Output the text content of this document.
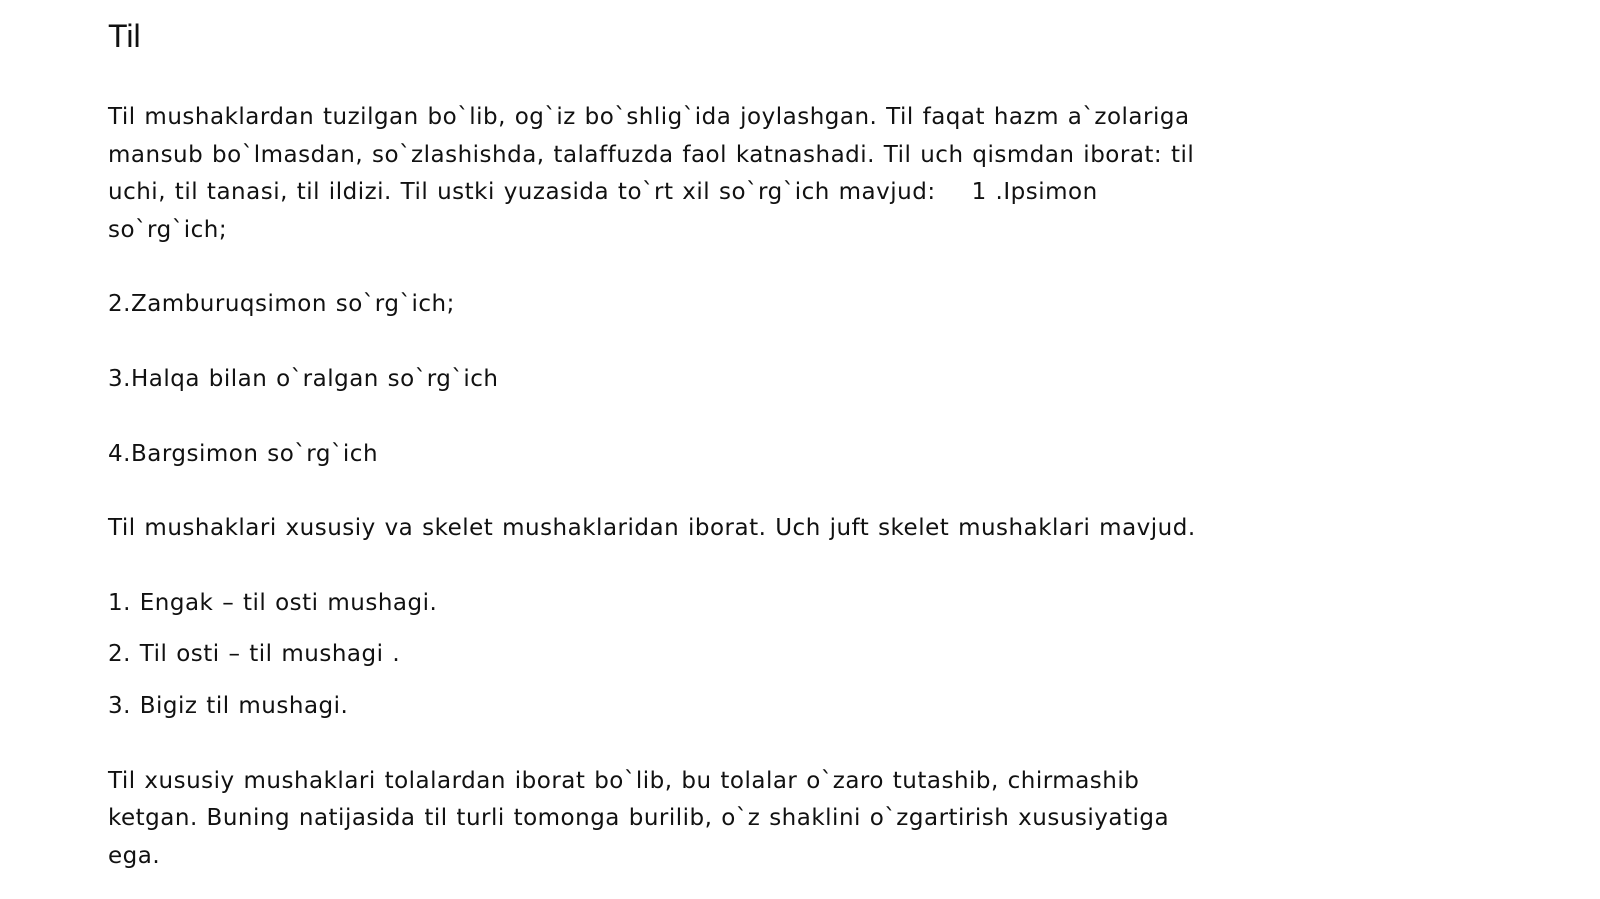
Til

Til mushaklardan tuzilgan bo`lib, og`iz bo`shlig`ida joylashgan. Til faqat hazm a`zolariga
mansub bo`lmasdan, so`zlashishda, talaffuzda faol katnashadi. Til uch qismdan iborat: til
uchi, til tanasi, til ildizi. Til ustki yuzasida to`rt xil so`rg`ich mavjud: 1 .Ipsimon
so`rg`ich;

2.Zamburuqsimon so`rg`ich;

3.Halqa bilan o`ralgan so`rg`ich

4.Bargsimon so`rg`ich

Til mushaklari xususiy va skelet mushaklaridan iborat. Uch juft skelet mushaklari mavjud.

1. Engak – til osti mushagi.
2. Til osti – til mushagi .
3. Bigiz til mushagi.

Til xususiy mushaklari tolalardan iborat bo`lib, bu tolalar o`zaro tutashib, chirmashib
ketgan. Buning natijasida til turli tomonga burilib, o`z shaklini o`zgartirish xususiyatiga
ega.
